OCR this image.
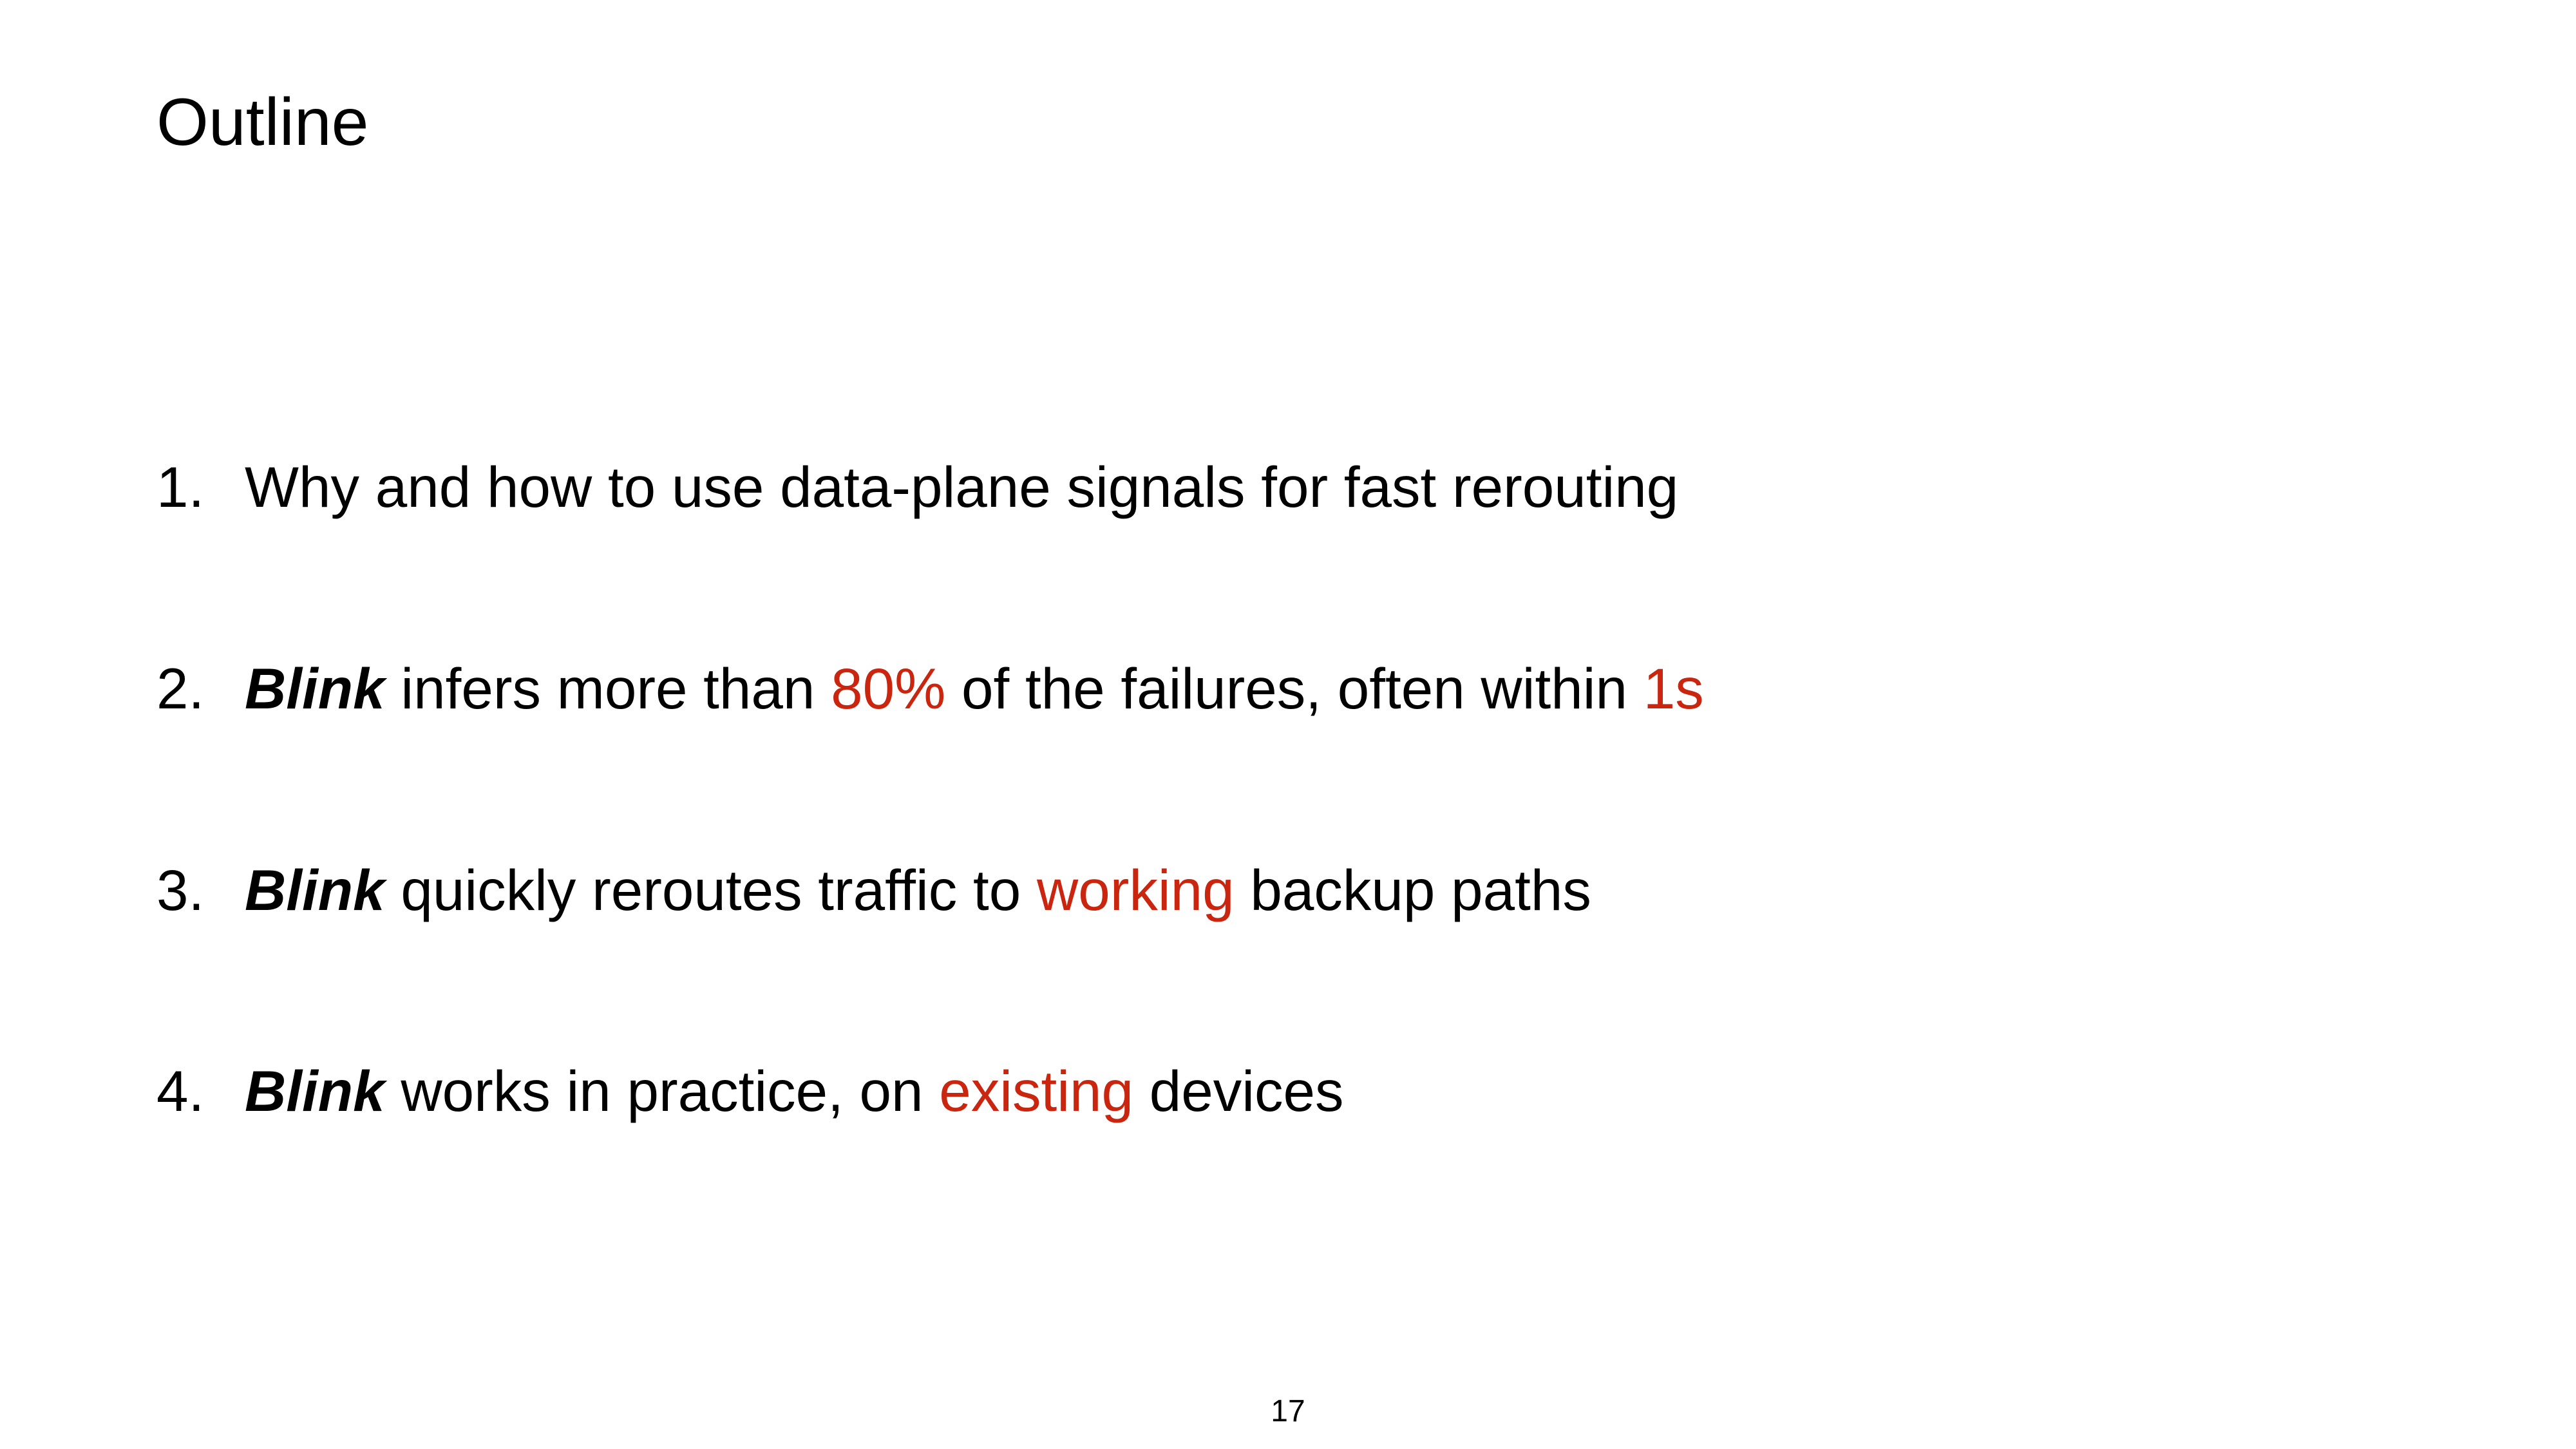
Outline
1. Why and how to use data-plane signals for fast rerouting
2. Blink infers more than 80% of the failures, often within 1s
3. Blink quickly reroutes traffic to working backup paths
4. Blink works in practice, on existing devices
17
